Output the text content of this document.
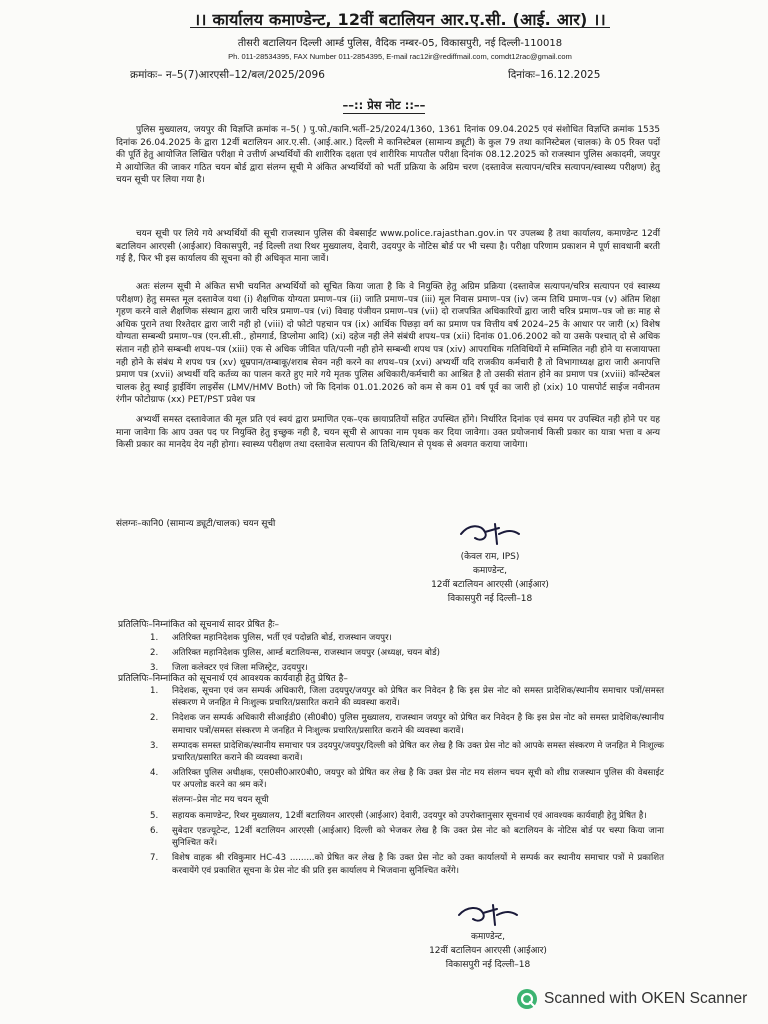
।। कार्यालय कमाण्डेन्ट, 12वीं बटालियन आर.ए.सी. (आई. आर) ।।
तीसरी बटालियन दिल्ली आर्म्ड पुलिस, वैदिक नम्बर-05, विकासपुरी, नई दिल्ली-110018
Ph. 011-28534395, FAX Number 011-2854395, E-mail rac12ir@rediffmail.com, comdt12rac@gmail.com
क्रमांकः– न–5(7)आरएसी–12/बल/2025/2096	दिनांकः–16.12.2025
––:: प्रेस नोट ::––

पुलिस मुख्यालय, जयपुर की विज्ञप्ति क्रमांक न–5( ) पु.फो./कानि.भर्ती–25/2024/1360, 1361 दिनांक 09.04.2025 एवं संशोधित विज्ञप्ति क्रमांक 1535 दिनांक 26.04.2025 के द्वारा 12वीं बटालियन आर.ए.सी. (आई.आर.) दिल्ली मे कानिस्टेबल (सामान्य ड्यूटी) के कुल 79 तथा कानिस्टेबल (चालक) के 05 रिक्त पदों की पूर्ति हेतु आयोजित लिखित परीक्षा मे उत्तीर्ण अभ्यर्थियों की शारीरिक दक्षता एवं शारीरिक मापतौल परीक्षा दिनांक 08.12.2025 को राजस्थान पुलिस अकादमी, जयपुर मे आयोजित की जाकर गठित चयन बोर्ड द्वारा संलग्न सूची मे अंकित अभ्यर्थियों को भर्ती प्रक्रिया के अग्रिम चरण (दस्तावेज सत्यापन/चरित्र सत्यापन/स्वास्थ्य परीक्षण) हेतु चयन सूची पर लिया गया है।

चयन सूची पर लिये गये अभ्यर्थियों की सूची राजस्थान पुलिस की वेबसाईट www.police.rajasthan.gov.in पर उपलब्ध है तथा कार्यालय, कमाण्डेन्ट 12वीं बटालियन आरएसी (आईआर) विकासपुरी, नई दिल्ली तथा रिथर मुख्यालय, देवारी, उदयपुर के नोटिस बोर्ड पर भी चस्पा है। परीक्षा परिणाम प्रकाशन मे पूर्ण सावधानी बरती गई है, फिर भी इस कार्यालय की सूचना को ही अधिकृत माना जावें।

अतः संलग्न सूची मे अंकित सभी चयनित अभ्यर्थियों को सूचित किया जाता है कि वे नियुक्ति हेतु अग्रिम प्रक्रिया (दस्तावेज सत्यापन/चरित्र सत्यापन एवं स्वास्थ्य परीक्षण) हेतु समस्त मूल दस्तावेज यथा (i) शैक्षणिक योग्यता प्रमाण–पत्र (ii) जाति प्रमाण–पत्र (iii) मूल निवास प्रमाण–पत्र (iv) जन्म तिथि प्रमाण–पत्र (v) अंतिम शिक्षा गृहण करने वाले शैक्षणिक संस्थान द्वारा जारी चरित्र प्रमाण–पत्र (vi) विवाह पंजीयन प्रमाण–पत्र (vii) दो राजपत्रित अधिकारियों द्वारा जारी चरित्र प्रमाण–पत्र जो छः माह से अधिक पुराने तथा रिश्तेदार द्वारा जारी नही हो (viii) दो फोटो पहचान पत्र (ix) आर्थिक पिछड़ा वर्ग का प्रमाण पत्र वित्तीय वर्ष 2024–25 के आधार पर जारी (x) विशेष योग्यता सम्बन्धी प्रमाण–पत्र (एन.सी.सी., होमगार्ड, डिप्लोमा आदि) (xi) दहेज नही लेने संबंधी शपथ–पत्र (xii) दिनांक 01.06.2002 को या उसके पश्चात् दो से अधिक संतान नही होने सम्बन्धी शपथ–पत्र (xiii) एक से अधिक जीवित पति/पत्नी नही होने सम्बन्धी शपथ पत्र (xiv) आपराधिक गतिविधियों मे सम्मिलित नही होने या सजायाफ्ता नही होने के संबंध मे शपथ पत्र (xv) धूम्रपान/तम्बाकू/शराब सेवन नही करने का शपथ–पत्र (xvi) अभ्यर्थी यदि राजकीय कर्मचारी है तो विभागाध्यक्ष द्वारा जारी अनापत्ति प्रमाण पत्र (xvii) अभ्यर्थी यदि कर्तव्य का पालन करते हुए मारे गये मृतक पुलिस अधिकारी/कर्मचारी का आश्रित है तो उसकी संतान होने का प्रमाण पत्र (xviii) कॉन्स्टेबल चालक हेतु स्थाई ड्राईविंग लाइसेंस (LMV/HMV Both) जो कि दिनांक 01.01.2026 को कम से कम 01 वर्ष पूर्व का जारी हो (xix) 10 पासपोर्ट साईज नवीनतम रंगीन फोटोग्राफ (xx) PET/PST प्रवेश पत्र

अभ्यर्थी समस्त दस्तावेजात की मूल प्रति एवं स्वयं द्वारा प्रमाणित एक–एक छायाप्रतियों सहित उपस्थित होंगे। निर्धारित दिनांक एवं समय पर उपस्थित नही होने पर यह माना जावेगा कि आप उक्त पद पर नियुक्ति हेतु इच्छुक नही है, चयन सूची से आपका नाम पृथक कर दिया जावेगा। उक्त प्रयोजनार्थ किसी प्रकार का यात्रा भत्ता व अन्य किसी प्रकार का मानदेय देय नही होगा। स्वास्थ्य परीक्षण तथा दस्तावेज सत्यापन की तिथि/स्थान से पृथक से अवगत कराया जायेगा।

संलग्नः–कानि0 (सामान्य ड्यूटी/चालक) चयन सूची
(केवल राम, IPS)
कमाण्डेन्ट,
12वीं बटालियन आरएसी (आईआर)
विकासपुरी नई दिल्ली–18
प्रतिलिपिः–निम्नांकित को सूचनार्थ सादर प्रेषित हैः–
1.	अतिरिक्त महानिदेशक पुलिस, भर्ती एवं पदोन्नति बोर्ड, राजस्थान जयपुर।
2.	अतिरिक्त महानिदेशक पुलिस, आर्म्ड बटालियन्स, राजस्थान जयपुर (अध्यक्ष, चयन बोर्ड)
3.	जिला कलेक्टर एवं जिला मजिस्ट्रेट, उदयपुर।
प्रतिलिपिः–निम्नांकित को सूचनार्थ एवं आवश्यक कार्यवाही हेतु प्रेषित है–
1.	निदेशक, सूचना एवं जन सम्पर्क अधिकारी, जिला उदयपुर/जयपुर को प्रेषित कर निवेदन है कि इस प्रेस नोट को समस्त प्रादेशिक/स्थानीय समाचार पत्रों/समस्त संस्करण मे जनहित मे निःशुल्क प्रचारित/प्रसारित कराने की व्यवस्था करावें।
2.	निदेशक जन सम्पर्क अधिकारी सीआईडी0 (सी0बी0) पुलिस मुख्यालय, राजस्थान जयपुर को प्रेषित कर निवेदन है कि इस प्रेस नोट को समस्त प्रादेशिक/स्थानीय समाचार पत्रों/समस्त संस्करण मे जनहित मे निःशुल्क प्रचारित/प्रसारित कराने की व्यवस्था करावें।
3.	सम्पादक समस्त प्रादेशिक/स्थानीय समाचार पत्र उदयपुर/जयपुर/दिल्ली को प्रेषित कर लेख है कि उक्त प्रेस नोट को आपके समस्त संस्करण मे जनहित मे निःशुल्क प्रचारित/प्रसारित कराने की व्यवस्था करावें।
4.	अतिरिक्त पुलिस अधीक्षक, एस0सी0आर0बी0, जयपुर को प्रेषित कर लेख है कि उक्त प्रेस नोट मय संलग्न चयन सूची को शीघ्र राजस्थान पुलिस की वेबसाईट पर अपलोड करने का श्रम करें।
संलग्नः–प्रेस नोट मय चयन सूची
5.	सहायक कमाण्डेन्ट, रिथर मुख्यालय, 12वीं बटालियन आरएसी (आईआर) देवारी, उदयपुर को उपरोक्तानुसार सूचनार्थ एवं आवश्यक कार्यवाही हेतु प्रेषित है।
6.	सुबेदार एडज्यूटेन्ट, 12वीं बटालियन आरएसी (आईआर) दिल्ली को भेजकर लेख है कि उक्त प्रेस नोट को बटालियन के नोटिस बोर्ड पर चस्पा किया जाना सुनिश्चित करें।
7.	विशेष वाहक श्री रविकुमार HC-43 .........को प्रेषित कर लेख है कि उक्त प्रेस नोट को उक्त कार्यालयों मे सम्पर्क कर स्थानीय समाचार पत्रों मे प्रकाशित करवायेंगे एवं प्रकाशित सूचना के प्रेस नोट की प्रति इस कार्यालय मे भिजवाना सुनिश्चित करेंगे।
कमाण्डेन्ट,
12वीं बटालियन आरएसी (आईआर)
विकासपुरी नई दिल्ली–18
Scanned with OKEN Scanner
